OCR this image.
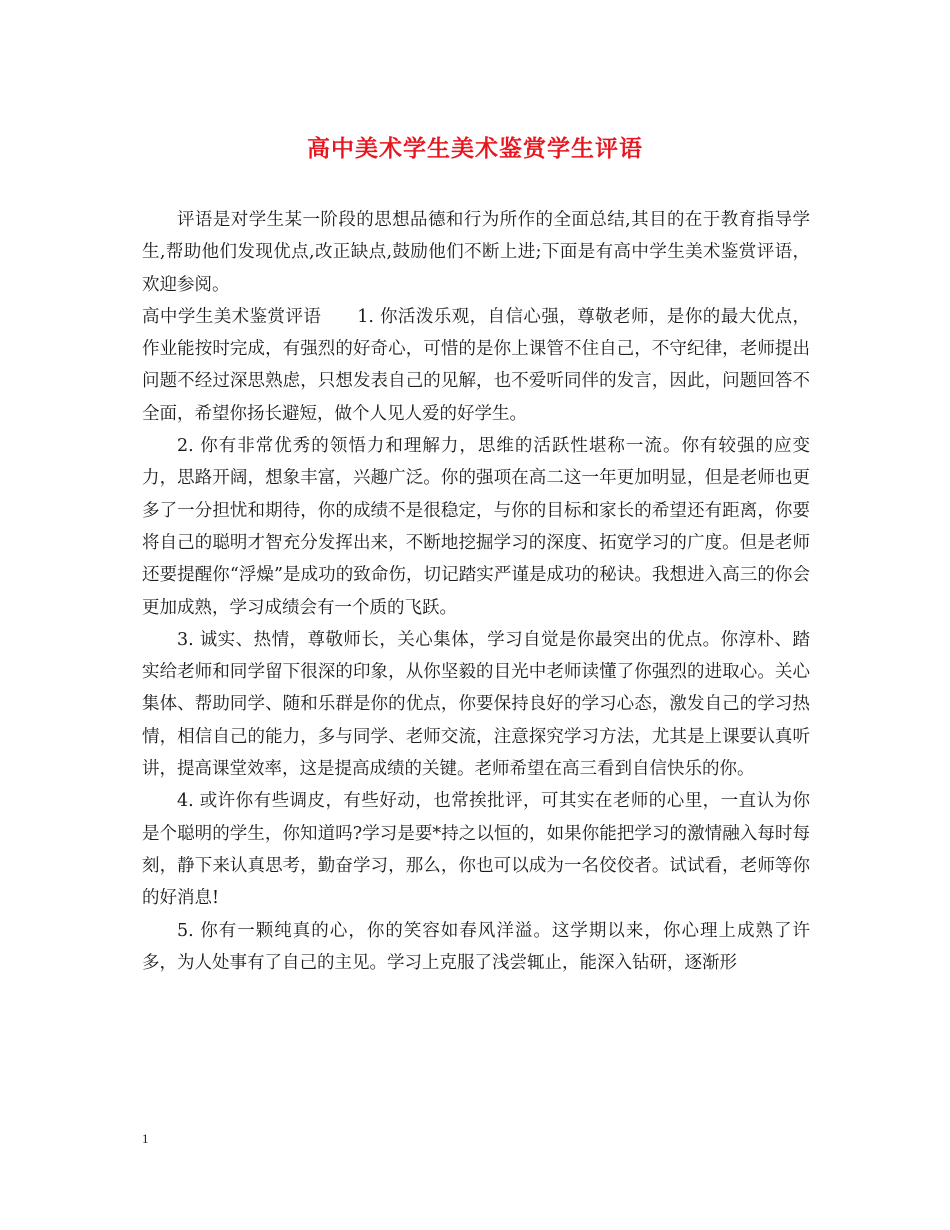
高中美术学生美术鉴赏学生评语

评语是对学生某一阶段的思想品德和行为所作的全面总结,其目的在于教育指导学生,帮助他们发现优点,改正缺点,鼓励他们不断上进;下面是有高中学生美术鉴赏评语，欢迎参阅。

高中学生美术鉴赏评语　　1. 你活泼乐观，自信心强，尊敬老师，是你的最大优点，作业能按时完成，有强烈的好奇心，可惜的是你上课管不住自己，不守纪律，老师提出问题不经过深思熟虑，只想发表自己的见解，也不爱听同伴的发言，因此，问题回答不全面，希望你扬长避短，做个人见人爱的好学生。

2. 你有非常优秀的领悟力和理解力，思维的活跃性堪称一流。你有较强的应变力，思路开阔，想象丰富，兴趣广泛。你的强项在高二这一年更加明显，但是老师也更多了一分担忧和期待，你的成绩不是很稳定，与你的目标和家长的希望还有距离，你要将自己的聪明才智充分发挥出来，不断地挖掘学习的深度、拓宽学习的广度。但是老师还要提醒你“浮燥”是成功的致命伤，切记踏实严谨是成功的秘诀。我想进入高三的你会更加成熟，学习成绩会有一个质的飞跃。

3. 诚实、热情，尊敬师长，关心集体，学习自觉是你最突出的优点。你淳朴、踏实给老师和同学留下很深的印象，从你坚毅的目光中老师读懂了你强烈的进取心。关心集体、帮助同学、随和乐群是你的优点，你要保持良好的学习心态，激发自己的学习热情，相信自己的能力，多与同学、老师交流，注意探究学习方法，尤其是上课要认真听讲，提高课堂效率，这是提高成绩的关键。老师希望在高三看到自信快乐的你。

4. 或许你有些调皮，有些好动，也常挨批评，可其实在老师的心里，一直认为你是个聪明的学生，你知道吗?学习是要*持之以恒的，如果你能把学习的激情融入每时每刻，静下来认真思考，勤奋学习，那么，你也可以成为一名佼佼者。试试看，老师等你的好消息!

5. 你有一颗纯真的心，你的笑容如春风洋溢。这学期以来，你心理上成熟了许多，为人处事有了自己的主见。学习上克服了浅尝辄止，能深入钻研，逐渐形

1
